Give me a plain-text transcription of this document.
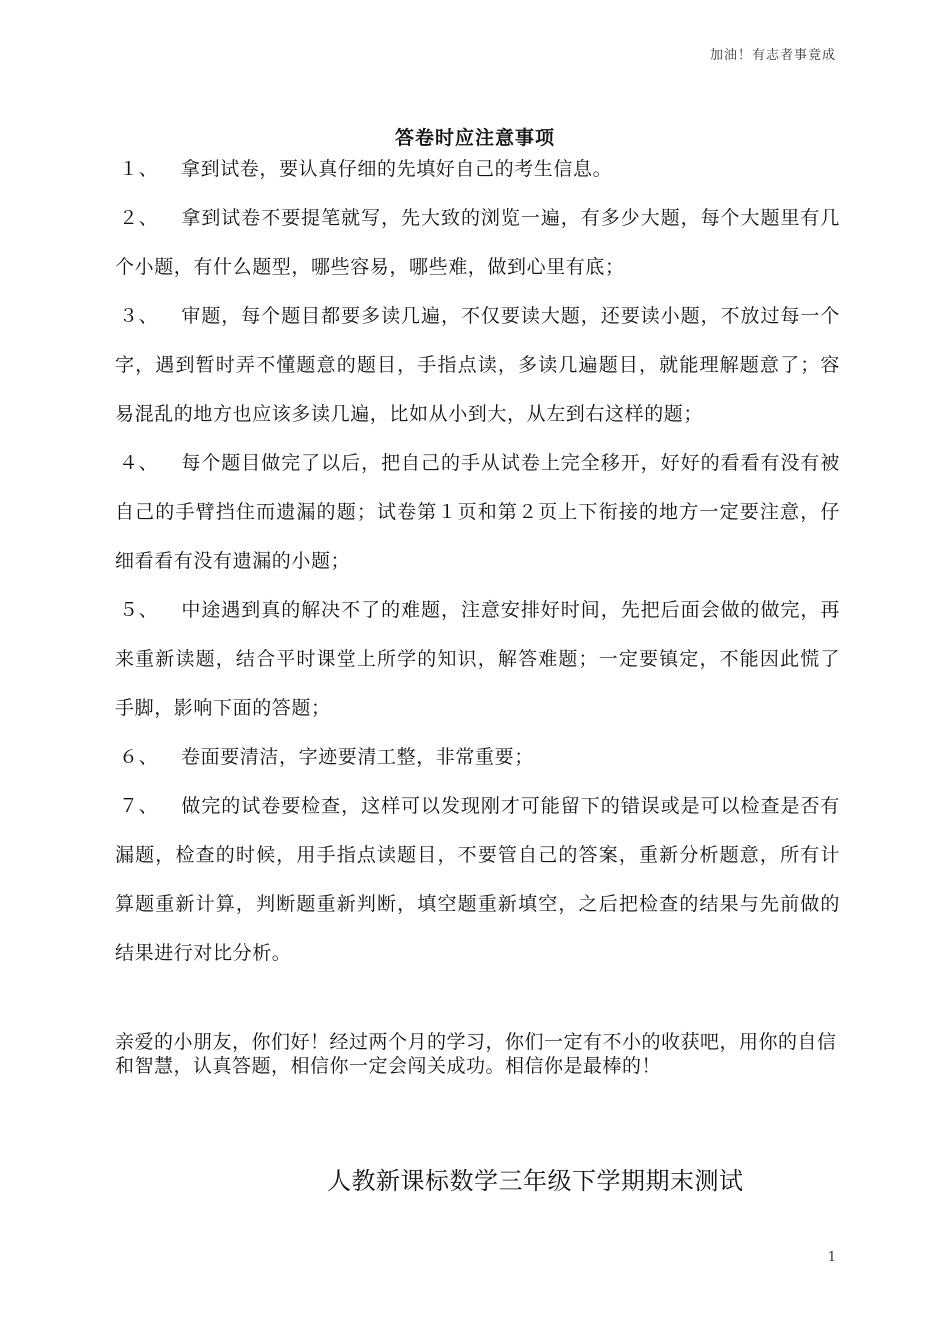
加油！有志者事竟成
答卷时应注意事项
１、 拿到试卷，要认真仔细的先填好自己的考生信息。
２、 拿到试卷不要提笔就写，先大致的浏览一遍，有多少大题，每个大题里有几个小题，有什么题型，哪些容易，哪些难，做到心里有底；
３、 审题，每个题目都要多读几遍，不仅要读大题，还要读小题，不放过每一个字，遇到暂时弄不懂题意的题目，手指点读，多读几遍题目，就能理解题意了；容易混乱的地方也应该多读几遍，比如从小到大，从左到右这样的题；
４、 每个题目做完了以后，把自己的手从试卷上完全移开，好好的看看有没有被自己的手臂挡住而遗漏的题；试卷第１页和第２页上下衔接的地方一定要注意，仔细看看有没有遗漏的小题；
５、 中途遇到真的解决不了的难题，注意安排好时间，先把后面会做的做完，再来重新读题，结合平时课堂上所学的知识，解答难题；一定要镇定，不能因此慌了手脚，影响下面的答题；
６、 卷面要清洁，字迹要清工整，非常重要；
７、 做完的试卷要检查，这样可以发现刚才可能留下的错误或是可以检查是否有漏题，检查的时候，用手指点读题目，不要管自己的答案，重新分析题意，所有计算题重新计算，判断题重新判断，填空题重新填空，之后把检查的结果与先前做的结果进行对比分析。
亲爱的小朋友，你们好！经过两个月的学习，你们一定有不小的收获吧，用你的自信和智慧，认真答题，相信你一定会闯关成功。相信你是最棒的！
人教新课标数学三年级下学期期末测试
1
